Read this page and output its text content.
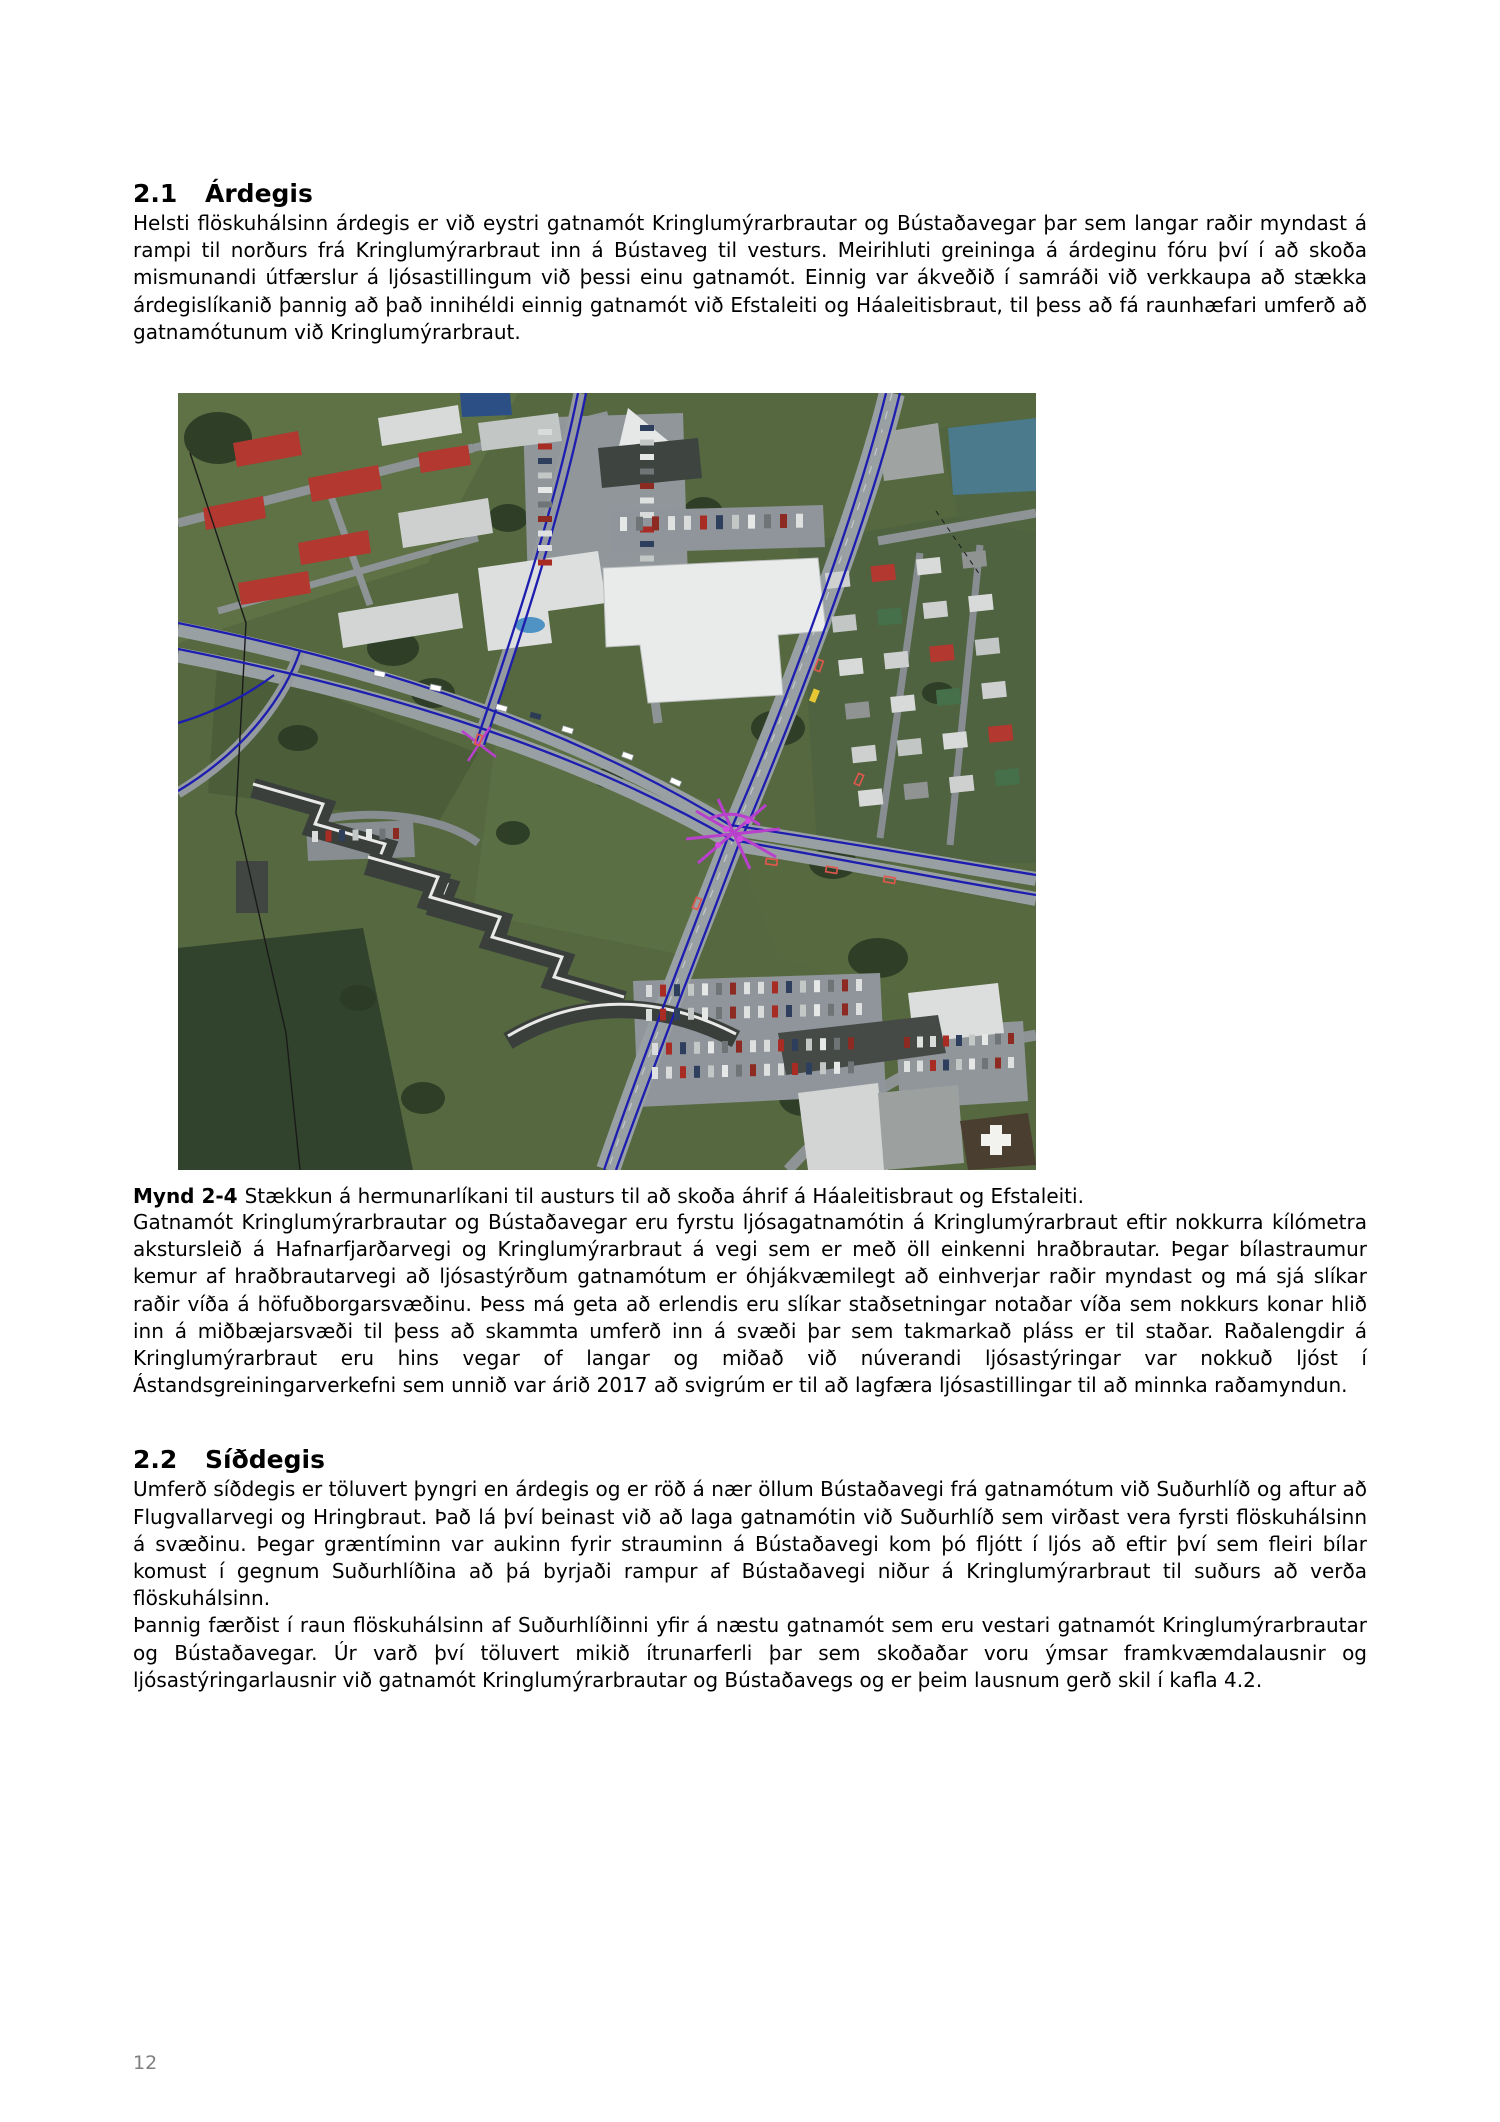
2.1	Árdegis

Helsti flöskuhálsinn árdegis er við eystri gatnamót Kringlumýrarbrautar og Bústaðavegar þar sem langar raðir myndast á rampi til norðurs frá Kringlumýrarbraut inn á Bústaveg til vesturs. Meirihluti greininga á árdeginu fóru því í að skoða mismunandi útfærslur á ljósastillingum við þessi einu gatnamót. Einnig var ákveðið í samráði við verkkaupa að stækka árdegislíkanið þannig að það innihéldi einnig gatnamót við Efstaleiti og Háaleitisbraut, til þess að fá raunhæfari umferð að gatnamótunum við Kringlumýrarbraut.

Mynd 2-4 Stækkun á hermunarlíkani til austurs til að skoða áhrif á Háaleitisbraut og Efstaleiti.

Gatnamót Kringlumýrarbrautar og Bústaðavegar eru fyrstu ljósagatnamótin á Kringlumýrarbraut eftir nokkurra kílómetra akstursleið á Hafnarfjarðarvegi og Kringlumýrarbraut á vegi sem er með öll einkenni hraðbrautar. Þegar bílastraumur kemur af hraðbrautarvegi að ljósastýrðum gatnamótum er óhjákvæmilegt að einhverjar raðir myndast og má sjá slíkar raðir víða á höfuðborgarsvæðinu. Þess má geta að erlendis eru slíkar staðsetningar notaðar víða sem nokkurs konar hlið inn á miðbæjarsvæði til þess að skammta umferð inn á svæði þar sem takmarkað pláss er til staðar. Raðalengdir á Kringlumýrarbraut eru hins vegar of langar og miðað við núverandi ljósastýringar var nokkuð ljóst í Ástandsgreiningarverkefni sem unnið var árið 2017 að svigrúm er til að lagfæra ljósastillingar til að minnka raðamyndun.

2.2	Síðdegis

Umferð síðdegis er töluvert þyngri en árdegis og er röð á nær öllum Bústaðavegi frá gatnamótum við Suðurhlíð og aftur að Flugvallarvegi og Hringbraut. Það lá því beinast við að laga gatnamótin við Suðurhlíð sem virðast vera fyrsti flöskuhálsinn á svæðinu. Þegar græntíminn var aukinn fyrir strauminn á Bústaðavegi kom þó fljótt í ljós að eftir því sem fleiri bílar komust í gegnum Suðurhlíðina að þá byrjaði rampur af Bústaðavegi niður á Kringlumýrarbraut til suðurs að verða flöskuhálsinn.

Þannig færðist í raun flöskuhálsinn af Suðurhlíðinni yfir á næstu gatnamót sem eru vestari gatnamót Kringlumýrarbrautar og Bústaðavegar. Úr varð því töluvert mikið ítrunarferli þar sem skoðaðar voru ýmsar framkvæmdalausnir og ljósastýringarlausnir við gatnamót Kringlumýrarbrautar og Bústaðavegs og er þeim lausnum gerð skil í kafla 4.2.

12
